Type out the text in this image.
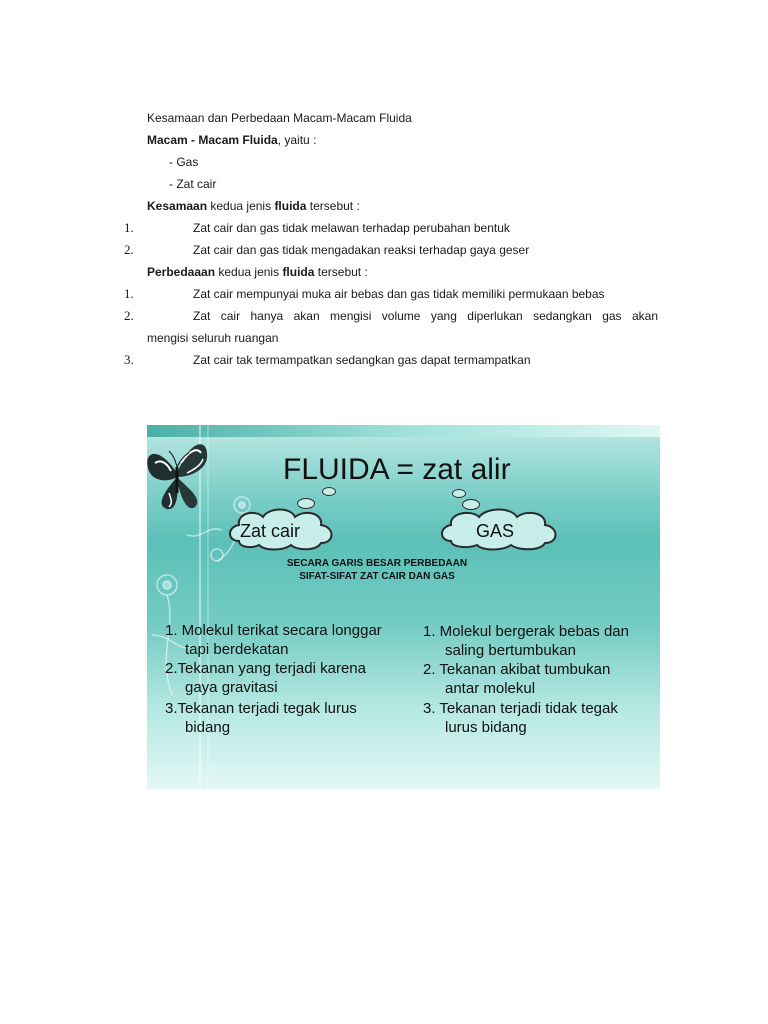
Kesamaan dan Perbedaan Macam-Macam Fluida
Macam - Macam Fluida, yaitu :
- Gas
- Zat cair
Kesamaan kedua jenis fluida tersebut :
1.	Zat cair dan gas tidak melawan terhadap perubahan bentuk
2.	Zat cair dan gas tidak mengadakan reaksi terhadap gaya geser
Perbedaaan kedua jenis fluida tersebut :
1.	Zat cair mempunyai muka air bebas dan gas tidak memiliki permukaan bebas
2.	Zat cair hanya akan mengisi volume yang diperlukan sedangkan gas akan
mengisi seluruh ruangan
3.	Zat cair tak termampatkan sedangkan gas dapat termampatkan
FLUIDA = zat alir
Zat cair	GAS
SECARA GARIS BESAR PERBEDAAN SIFAT-SIFAT ZAT CAIR DAN GAS
1. Molekul terikat secara longgar
tapi berdekatan
2.Tekanan yang terjadi karena
gaya gravitasi
3.Tekanan terjadi tegak lurus
bidang
1. Molekul bergerak bebas dan
saling bertumbukan
2. Tekanan akibat tumbukan
antar molekul
3. Tekanan terjadi tidak tegak
lurus bidang
